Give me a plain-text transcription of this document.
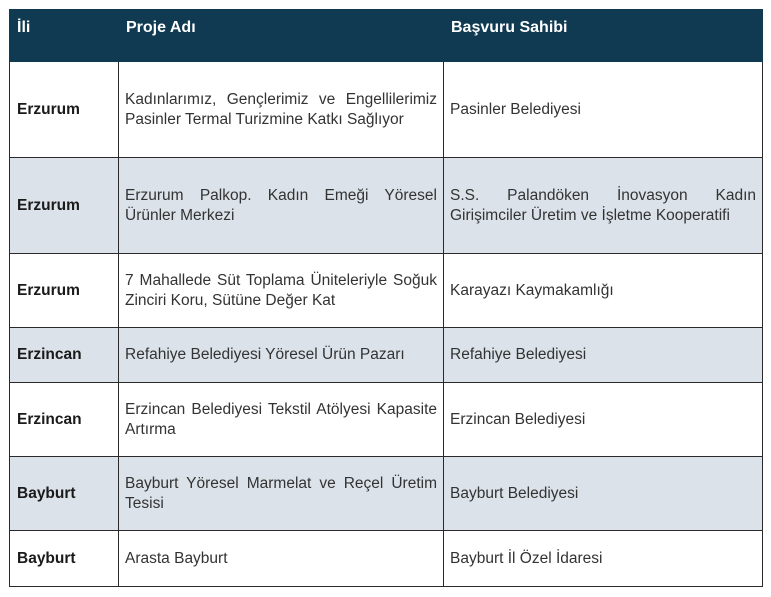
İli	Proje Adı	Başvuru Sahibi
Erzurum	Kadınlarımız, Gençlerimiz ve Engellilerimiz Pasinler Termal Turizmine Katkı Sağlıyor	Pasinler Belediyesi
Erzurum	Erzurum Palkop. Kadın Emeği Yöresel Ürünler Merkezi	S.S. Palandöken İnovasyon Kadın Girişimciler Üretim ve İşletme Kooperatifi
Erzurum	7 Mahallede Süt Toplama Üniteleriyle Soğuk Zinciri Koru, Sütüne Değer Kat	Karayazı Kaymakamlığı
Erzincan	Refahiye Belediyesi Yöresel Ürün Pazarı	Refahiye Belediyesi
Erzincan	Erzincan Belediyesi Tekstil Atölyesi Kapasite Artırma	Erzincan Belediyesi
Bayburt	Bayburt Yöresel Marmelat ve Reçel Üretim Tesisi	Bayburt Belediyesi
Bayburt	Arasta Bayburt	Bayburt İl Özel İdaresi
